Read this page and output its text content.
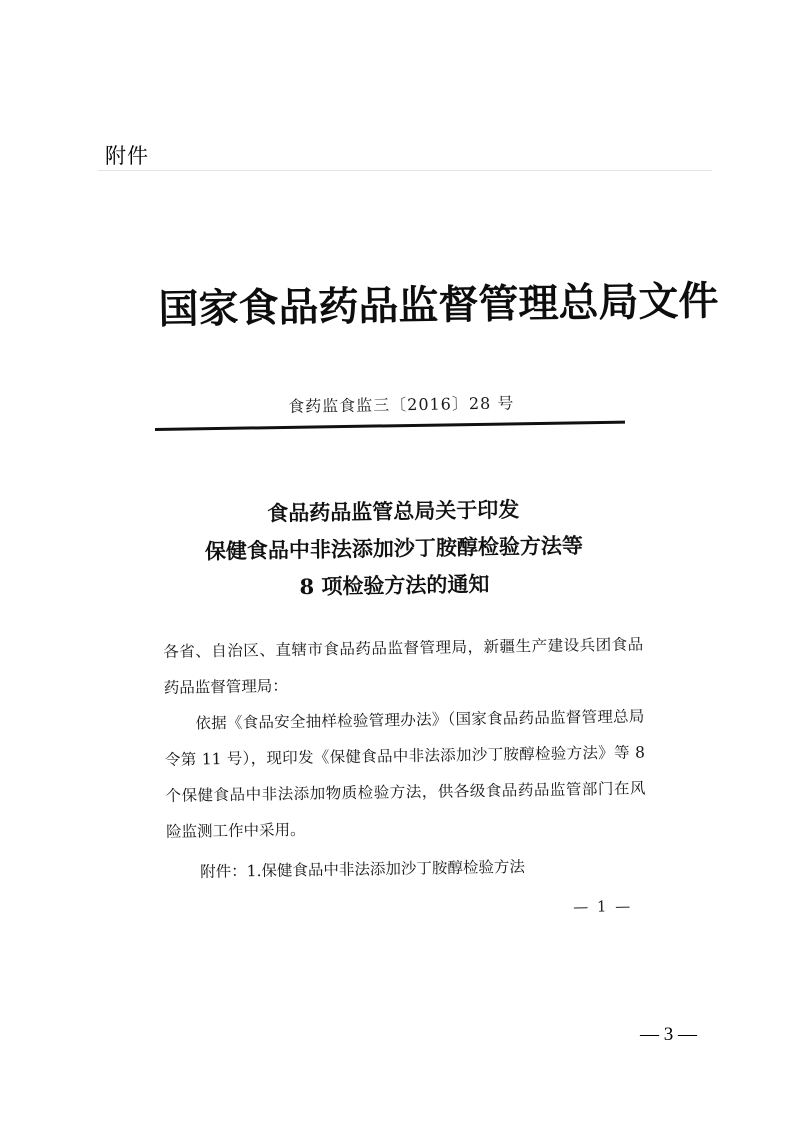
附件
国家食品药品监督管理总局文件
食药监食监三〔2016〕28 号
食品药品监管总局关于印发
保健食品中非法添加沙丁胺醇检验方法等
8 项检验方法的通知

各省、自治区、直辖市食品药品监督管理局，新疆生产建设兵团食品药品监督管理局：

依据《食品安全抽样检验管理办法》（国家食品药品监督管理总局令第 11 号），现印发《保健食品中非法添加沙丁胺醇检验方法》等 8 个保健食品中非法添加物质检验方法，供各级食品药品监管部门在风险监测工作中采用。

附件：1.保健食品中非法添加沙丁胺醇检验方法
— 1 —
— 3 —
